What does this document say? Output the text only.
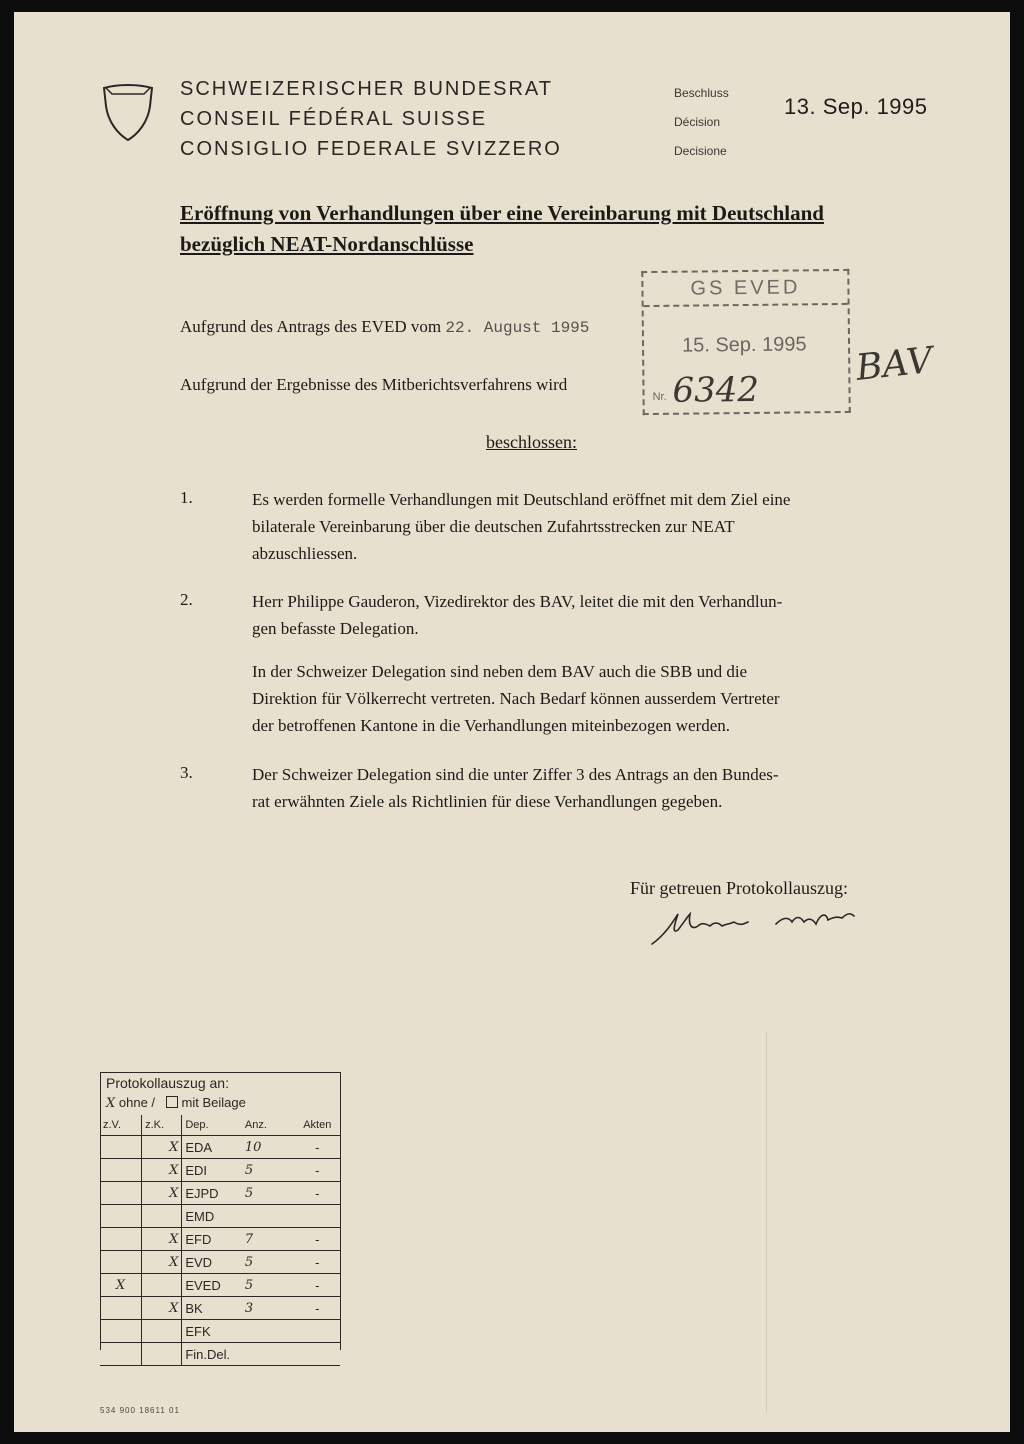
SCHWEIZERISCHER BUNDESRAT
CONSEIL FÉDÉRAL SUISSE
CONSIGLIO FEDERALE SVIZZERO
Beschluss
Décision
Decisione
13. Sep. 1995
Eröffnung von Verhandlungen über eine Vereinbarung mit Deutschland
bezüglich NEAT-Nordanschlüsse
Aufgrund des Antrags des EVED vom 22. August 1995
Aufgrund der Ergebnisse des Mitberichtsverfahrens wird
GS EVED
15. Sep. 1995
Nr. 6342
BAV
beschlossen:
1.	Es werden formelle Verhandlungen mit Deutschland eröffnet mit dem Ziel eine
bilaterale Vereinbarung über die deutschen Zufahrtsstrecken zur NEAT
abzuschliessen.
2.	Herr Philippe Gauderon, Vizedirektor des BAV, leitet die mit den Verhandlun-
gen befasste Delegation.
In der Schweizer Delegation sind neben dem BAV auch die SBB und die
Direktion für Völkerrecht vertreten. Nach Bedarf können ausserdem Vertreter
der betroffenen Kantone in die Verhandlungen miteinbezogen werden.
3.	Der Schweizer Delegation sind die unter Ziffer 3 des Antrags an den Bundes-
rat erwähnten Ziele als Richtlinien für diese Verhandlungen gegeben.
Für getreuen Protokollauszug:
Protokollauszug an:
X ohne / mit Beilage
z.V.	z.K.	Dep.	Anz.	Akten
	X	EDA	10	-
	X	EDI	5	-
	X	EJPD	5	-
		EMD		
	X	EFD	7	-
	X	EVD	5	-
X		EVED	5	-
	X	BK	3	-
		EFK		
		Fin.Del.		
534 900 18611 01
